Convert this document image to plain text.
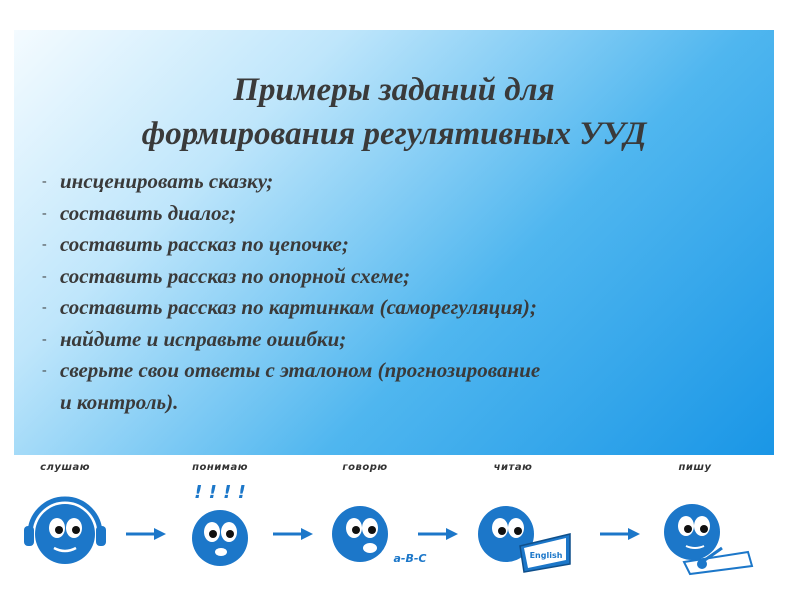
Примеры заданий для
формирования регулятивных УУД
- инсценировать сказку;
- составить диалог;
- составить рассказ по цепочке;
- составить рассказ по опорной схеме;
- составить рассказ по картинкам (саморегуляция);
- найдите и исправьте ошибки;
- сверьте свои ответы с эталоном (прогнозирование
и контроль).
слушаю	понимаю
! ! ! !
говорю
a-B-C
читаю
English
пишу
